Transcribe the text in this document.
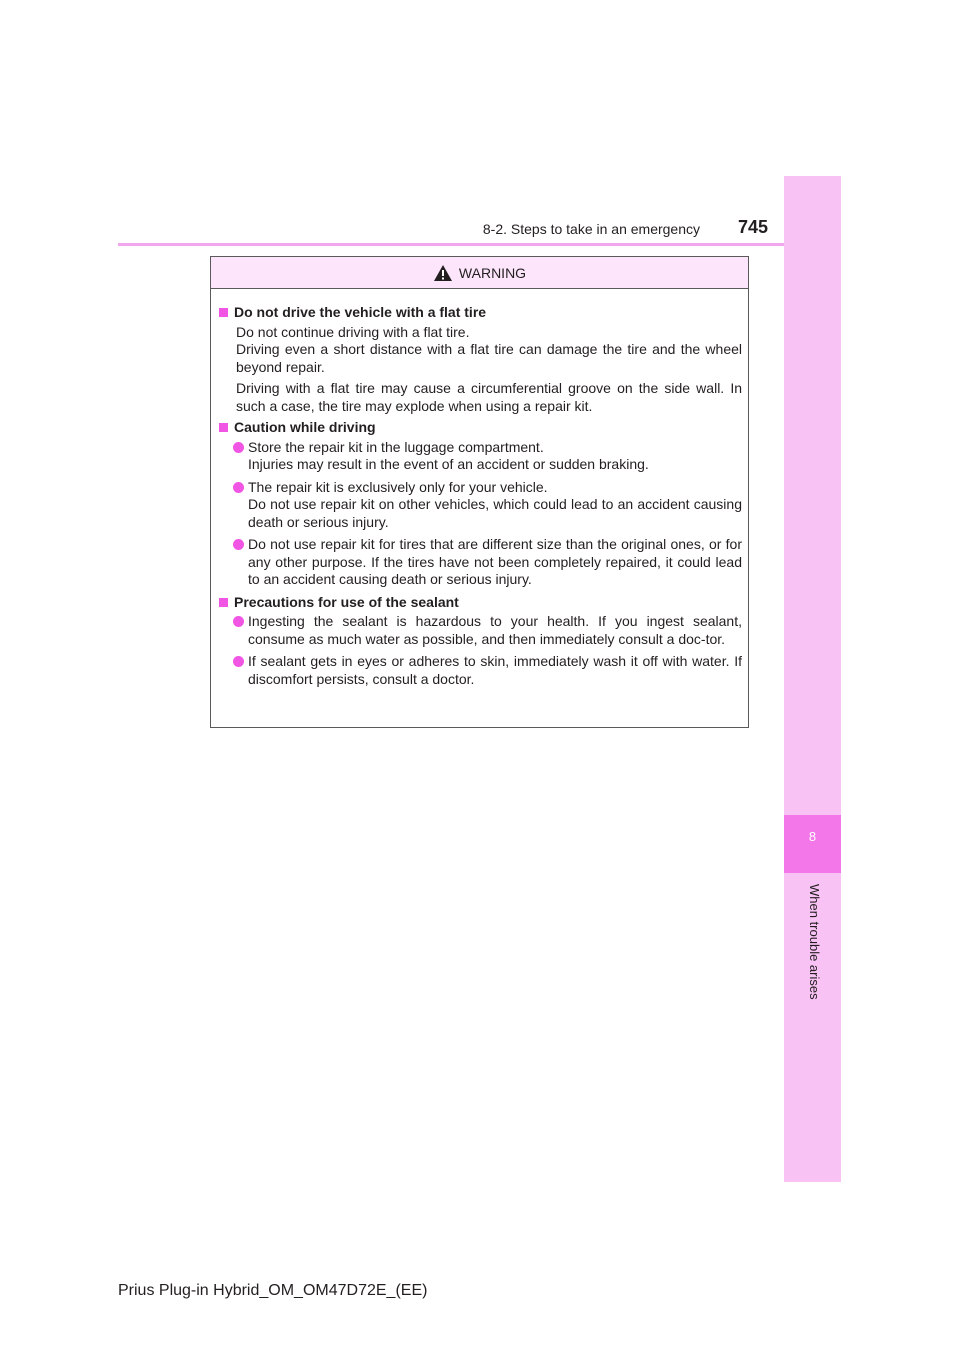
8-2. Steps to take in an emergency 745
8
When trouble arises
WARNING
Do not drive the vehicle with a flat tire
Do not continue driving with a flat tire.
Driving even a short distance with a flat tire can damage the tire and the wheel beyond repair.
Driving with a flat tire may cause a circumferential groove on the side wall. In such a case, the tire may explode when using a repair kit.
Caution while driving
Store the repair kit in the luggage compartment.
Injuries may result in the event of an accident or sudden braking.
The repair kit is exclusively only for your vehicle.
Do not use repair kit on other vehicles, which could lead to an accident causing death or serious injury.
Do not use repair kit for tires that are different size than the original ones, or for any other purpose. If the tires have not been completely repaired, it could lead to an accident causing death or serious injury.
Precautions for use of the sealant
Ingesting the sealant is hazardous to your health. If you ingest sealant, consume as much water as possible, and then immediately consult a doc-tor.
If sealant gets in eyes or adheres to skin, immediately wash it off with water. If discomfort persists, consult a doctor.
Prius Plug-in Hybrid_OM_OM47D72E_(EE)
